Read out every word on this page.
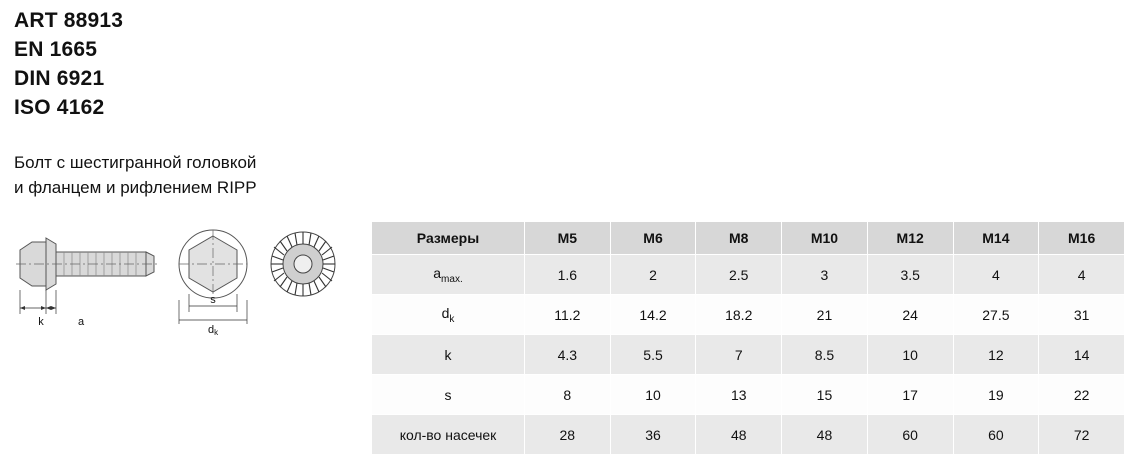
ART 88913
EN 1665
DIN 6921
ISO 4162
Болт с шестигранной головкой
и фланцем и рифлением RIPP
k	a
s
dk
Размеры	M5	M6	M8	M10	M12	M14	M16
$a_{max.}$	1.6	2	2.5	3	3.5	4	4
$d_k$	11.2	14.2	18.2	21	24	27.5	31
k	4.3	5.5	7	8.5	10	12	14
s	8	10	13	15	17	19	22
кол-во насечек	28	36	48	48	60	60	72
